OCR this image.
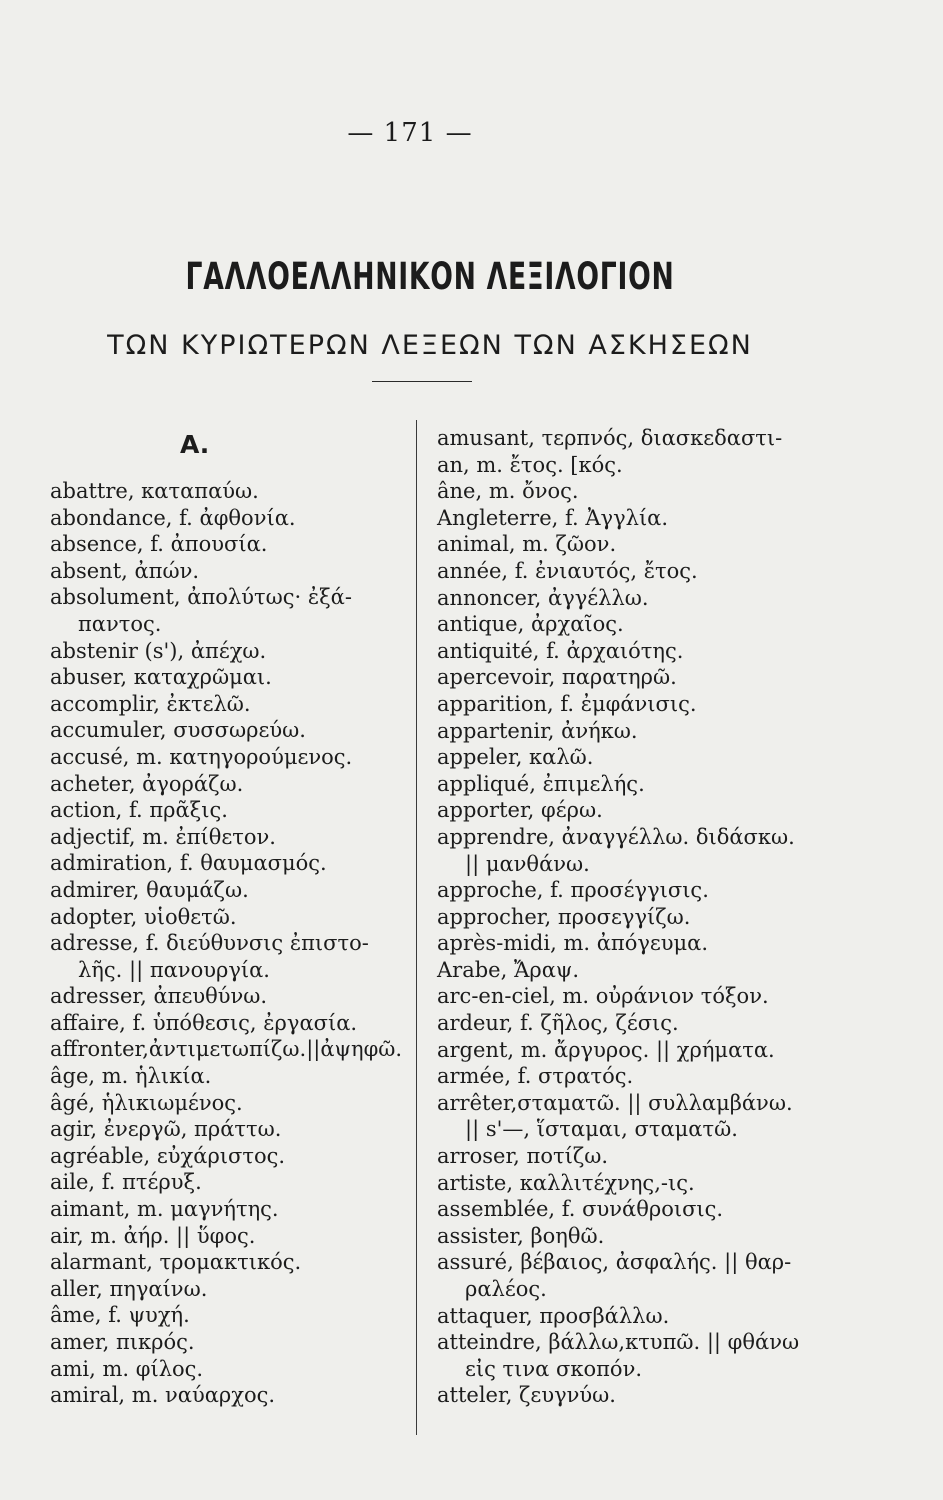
— 171 —
ΓΑΛΛΟΕΛΛΗΝΙΚΟΝ ΛΕΞΙΛΟΓΙΟΝ
ΤΩΝ ΚΥΡΙΩΤΕΡΩΝ ΛΕΞΕΩΝ ΤΩΝ ΑΣΚΗΣΕΩΝ
A.
abattre, καταπαύω.
abondance, f. ἀφθονία.
absence, f. ἀπουσία.
absent, ἀπών.
absolument, ἀπολύτως· ἐξά-
παντος.
abstenir (s'), ἀπέχω.
abuser, καταχρῶμαι.
accomplir, ἐκτελῶ.
accumuler, συσσωρεύω.
accusé, m. κατηγορούμενος.
acheter, ἀγοράζω.
action, f. πρᾶξις.
adjectif, m. ἐπίθετον.
admiration, f. θαυμασμός.
admirer, θαυμάζω.
adopter, υἱοθετῶ.
adresse, f. διεύθυνσις ἐπιστο-
λῆς. || πανουργία.
adresser, ἀπευθύνω.
affaire, f. ὑπόθεσις, ἐργασία.
affronter,ἀντιμετωπίζω.||ἀψηφῶ.
âge, m. ἡλικία.
âgé, ἡλικιωμένος.
agir, ἐνεργῶ, πράττω.
agréable, εὐχάριστος.
aile, f. πτέρυξ.
aimant, m. μαγνήτης.
air, m. ἀήρ. || ὕφος.
alarmant, τρομακτικός.
aller, πηγαίνω.
âme, f. ψυχή.
amer, πικρός.
ami, m. φίλος.
amiral, m. ναύαρχος.
amusant, τερπνός, διασκεδαστι-
an, m. ἔτος. [κός.
âne, m. ὄνος.
Angleterre, f. Ἀγγλία.
animal, m. ζῶον.
année, f. ἐνιαυτός, ἔτος.
annoncer, ἀγγέλλω.
antique, ἀρχαῖος.
antiquité, f. ἀρχαιότης.
apercevoir, παρατηρῶ.
apparition, f. ἐμφάνισις.
appartenir, ἀνήκω.
appeler, καλῶ.
appliqué, ἐπιμελής.
apporter, φέρω.
apprendre, ἀναγγέλλω. διδάσκω.
|| μανθάνω.
approche, f. προσέγγισις.
approcher, προσεγγίζω.
après-midi, m. ἀπόγευμα.
Arabe, Ἄραψ.
arc-en-ciel, m. οὐράνιον τόξον.
ardeur, f. ζῆλος, ζέσις.
argent, m. ἄργυρος. || χρήματα.
armée, f. στρατός.
arrêter,σταματῶ. || συλλαμβάνω.
|| s'—, ἵσταμαι, σταματῶ.
arroser, ποτίζω.
artiste, καλλιτέχνης,-ις.
assemblée, f. συνάθροισις.
assister, βοηθῶ.
assuré, βέβαιος, ἀσφαλής. || θαρ-
ραλέος.
attaquer, προσβάλλω.
atteindre, βάλλω,κτυπῶ. || φθάνω
εἰς τινα σκοπόν.
atteler, ζευγνύω.
